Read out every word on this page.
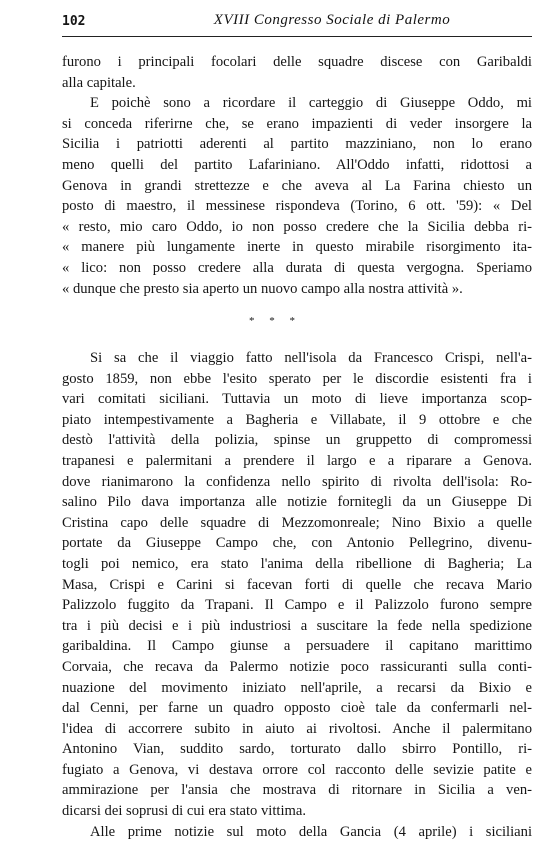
102	XVIII Congresso Sociale di Palermo
furono i principali focolari delle squadre discese con Garibaldi
alla capitale.
E poichè sono a ricordare il carteggio di Giuseppe Oddo, mi
si conceda riferirne che, se erano impazienti di veder insorgere la
Sicilia i patriotti aderenti al partito mazziniano, non lo erano
meno quelli del partito Lafariniano. All'Oddo infatti, ridottosi a
Genova in grandi strettezze e che aveva al La Farina chiesto un
posto di maestro, il messinese rispondeva (Torino, 6 ott. '59): « Del
« resto, mio caro Oddo, io non posso credere che la Sicilia debba ri-
« manere più lungamente inerte in questo mirabile risorgimento ita-
« lico: non posso credere alla durata di questa vergogna. Speriamo
« dunque che presto sia aperto un nuovo campo alla nostra attività ».
* * *
Si sa che il viaggio fatto nell'isola da Francesco Crispi, nell'a-
gosto 1859, non ebbe l'esito sperato per le discordie esistenti fra i
vari comitati siciliani. Tuttavia un moto di lieve importanza scop-
piato intempestivamente a Bagheria e Villabate, il 9 ottobre e che
destò l'attività della polizia, spinse un gruppetto di compromessi
trapanesi e palermitani a prendere il largo e a riparare a Genova.
dove rianimarono la confidenza nello spirito di rivolta dell'isola: Ro-
salino Pilo dava importanza alle notizie fornitegli da un Giuseppe Di
Cristina capo delle squadre di Mezzomonreale; Nino Bixio a quelle
portate da Giuseppe Campo che, con Antonio Pellegrino, divenu-
togli poi nemico, era stato l'anima della ribellione di Bagheria; La
Masa, Crispi e Carini si facevan forti di quelle che recava Mario
Palizzolo fuggito da Trapani. Il Campo e il Palizzolo furono sempre
tra i più decisi e i più industriosi a suscitare la fede nella spedizione
garibaldina. Il Campo giunse a persuadere il capitano marittimo
Corvaia, che recava da Palermo notizie poco rassicuranti sulla conti-
nuazione del movimento iniziato nell'aprile, a recarsi da Bixio e
dal Cenni, per farne un quadro opposto cioè tale da confermarli nel-
l'idea di accorrere subito in aiuto ai rivoltosi. Anche il palermitano
Antonino Vian, suddito sardo, torturato dallo sbirro Pontillo, ri-
fugiato a Genova, vi destava orrore col racconto delle sevizie patite e
ammirazione per l'ansia che mostrava di ritornare in Sicilia a ven-
dicarsi dei soprusi di cui era stato vittima.
Alle prime notizie sul moto della Gancia (4 aprile) i siciliani
